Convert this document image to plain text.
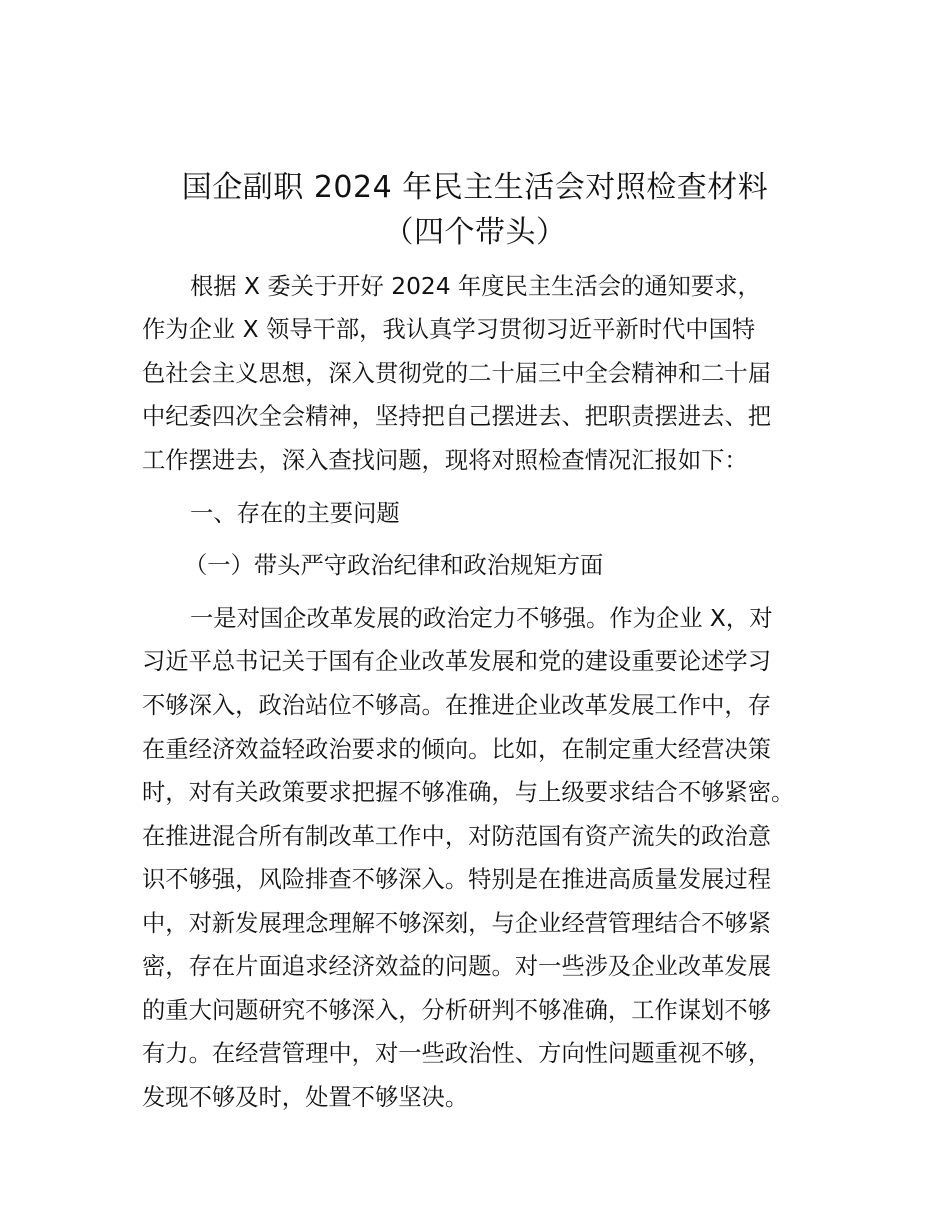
国企副职 2024 年民主生活会对照检查材料
（四个带头）
根据 X 委关于开好 2024 年度民主生活会的通知要求，
作为企业 X 领导干部，我认真学习贯彻习近平新时代中国特
色社会主义思想，深入贯彻党的二十届三中全会精神和二十届
中纪委四次全会精神，坚持把自己摆进去、把职责摆进去、把
工作摆进去，深入查找问题，现将对照检查情况汇报如下：
一、存在的主要问题
（一）带头严守政治纪律和政治规矩方面
一是对国企改革发展的政治定力不够强。作为企业 X，对
习近平总书记关于国有企业改革发展和党的建设重要论述学习
不够深入，政治站位不够高。在推进企业改革发展工作中，存
在重经济效益轻政治要求的倾向。比如，在制定重大经营决策
时，对有关政策要求把握不够准确，与上级要求结合不够紧密。
在推进混合所有制改革工作中，对防范国有资产流失的政治意
识不够强，风险排查不够深入。特别是在推进高质量发展过程
中，对新发展理念理解不够深刻，与企业经营管理结合不够紧
密，存在片面追求经济效益的问题。对一些涉及企业改革发展
的重大问题研究不够深入，分析研判不够准确，工作谋划不够
有力。在经营管理中，对一些政治性、方向性问题重视不够，
发现不够及时，处置不够坚决。
